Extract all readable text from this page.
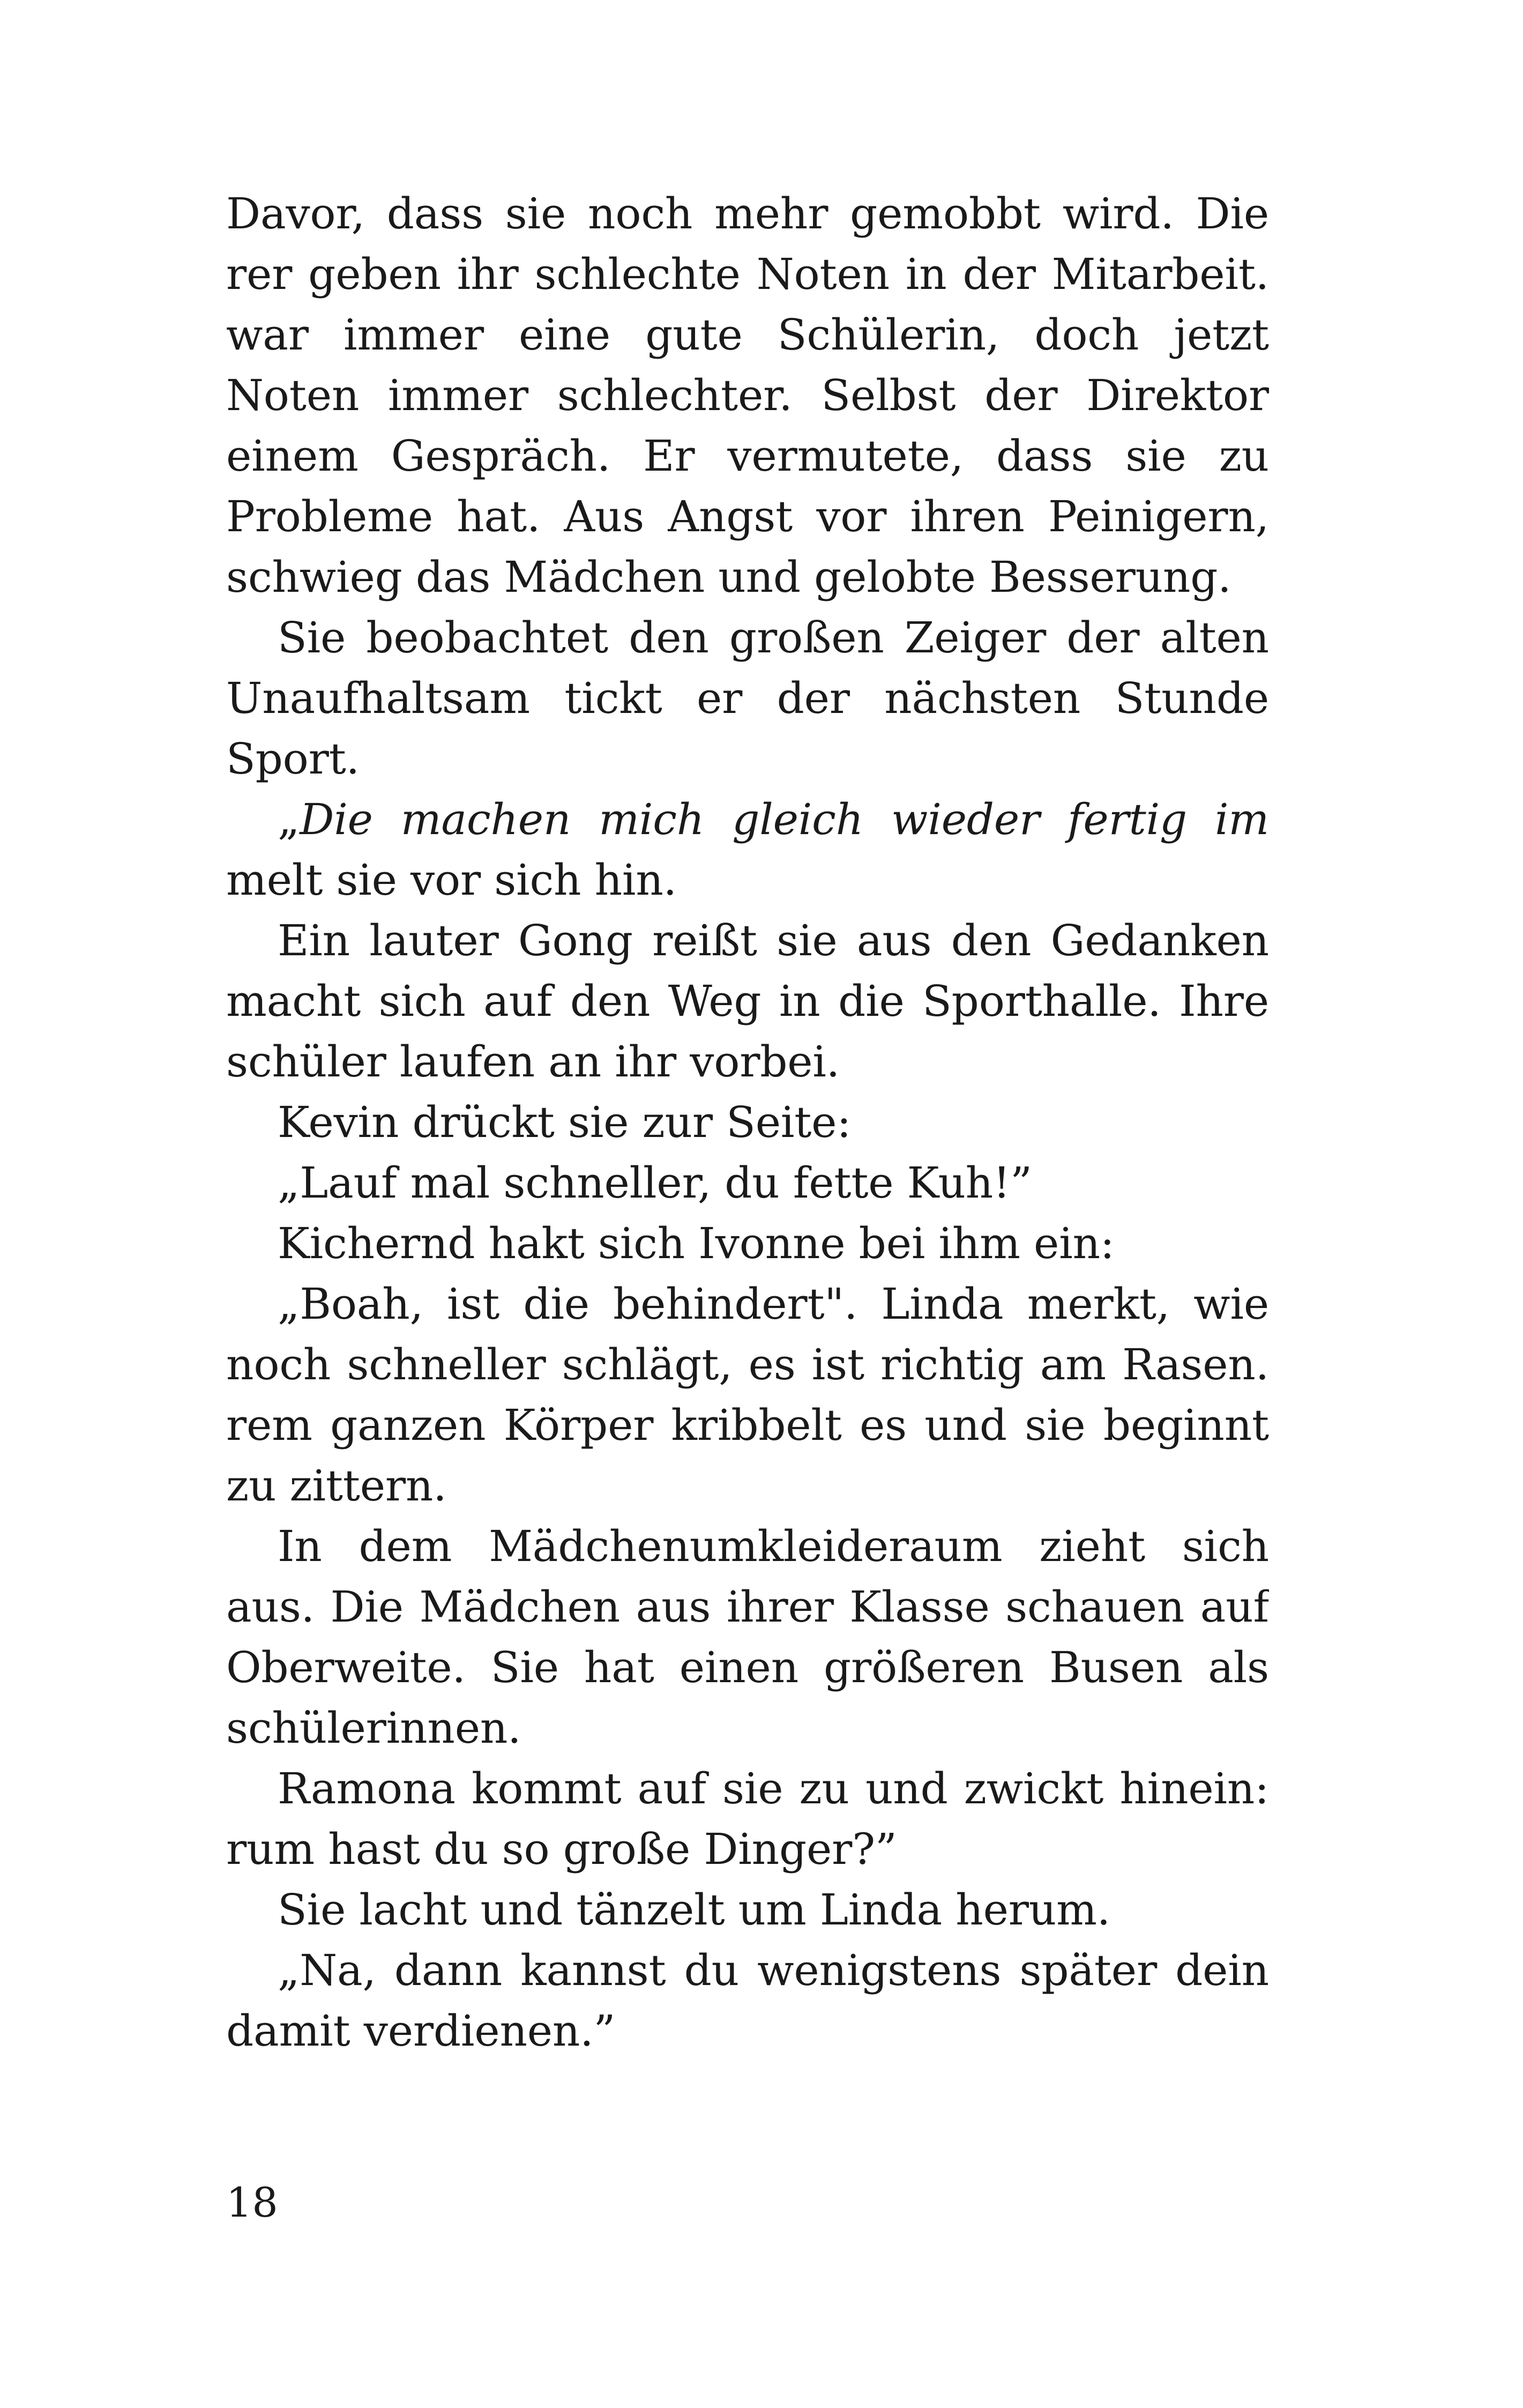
Davor, dass sie noch mehr gemobbt wird. Die
rer geben ihr schlechte Noten in der Mitarbeit.
war immer eine gute Schülerin, doch jetzt
Noten immer schlechter. Selbst der Direktor
einem Gespräch. Er vermutete, dass sie zu
Probleme hat. Aus Angst vor ihren Peinigern,
schwieg das Mädchen und gelobte Besserung.
Sie beobachtet den großen Zeiger der alten
Unaufhaltsam tickt er der nächsten Stunde
Sport.
„Die machen mich gleich wieder fertig im
melt sie vor sich hin.
Ein lauter Gong reißt sie aus den Gedanken
macht sich auf den Weg in die Sporthalle. Ihre
schüler laufen an ihr vorbei.
Kevin drückt sie zur Seite:
„Lauf mal schneller, du fette Kuh!”
Kichernd hakt sich Ivonne bei ihm ein:
„Boah, ist die behindert". Linda merkt, wie
noch schneller schlägt, es ist richtig am Rasen.
rem ganzen Körper kribbelt es und sie beginnt
zu zittern.
In dem Mädchenumkleideraum zieht sich
aus. Die Mädchen aus ihrer Klasse schauen auf
Oberweite. Sie hat einen größeren Busen als
schülerinnen.
Ramona kommt auf sie zu und zwickt hinein:
rum hast du so große Dinger?”
Sie lacht und tänzelt um Linda herum.
„Na, dann kannst du wenigstens später dein
damit verdienen.”
18
